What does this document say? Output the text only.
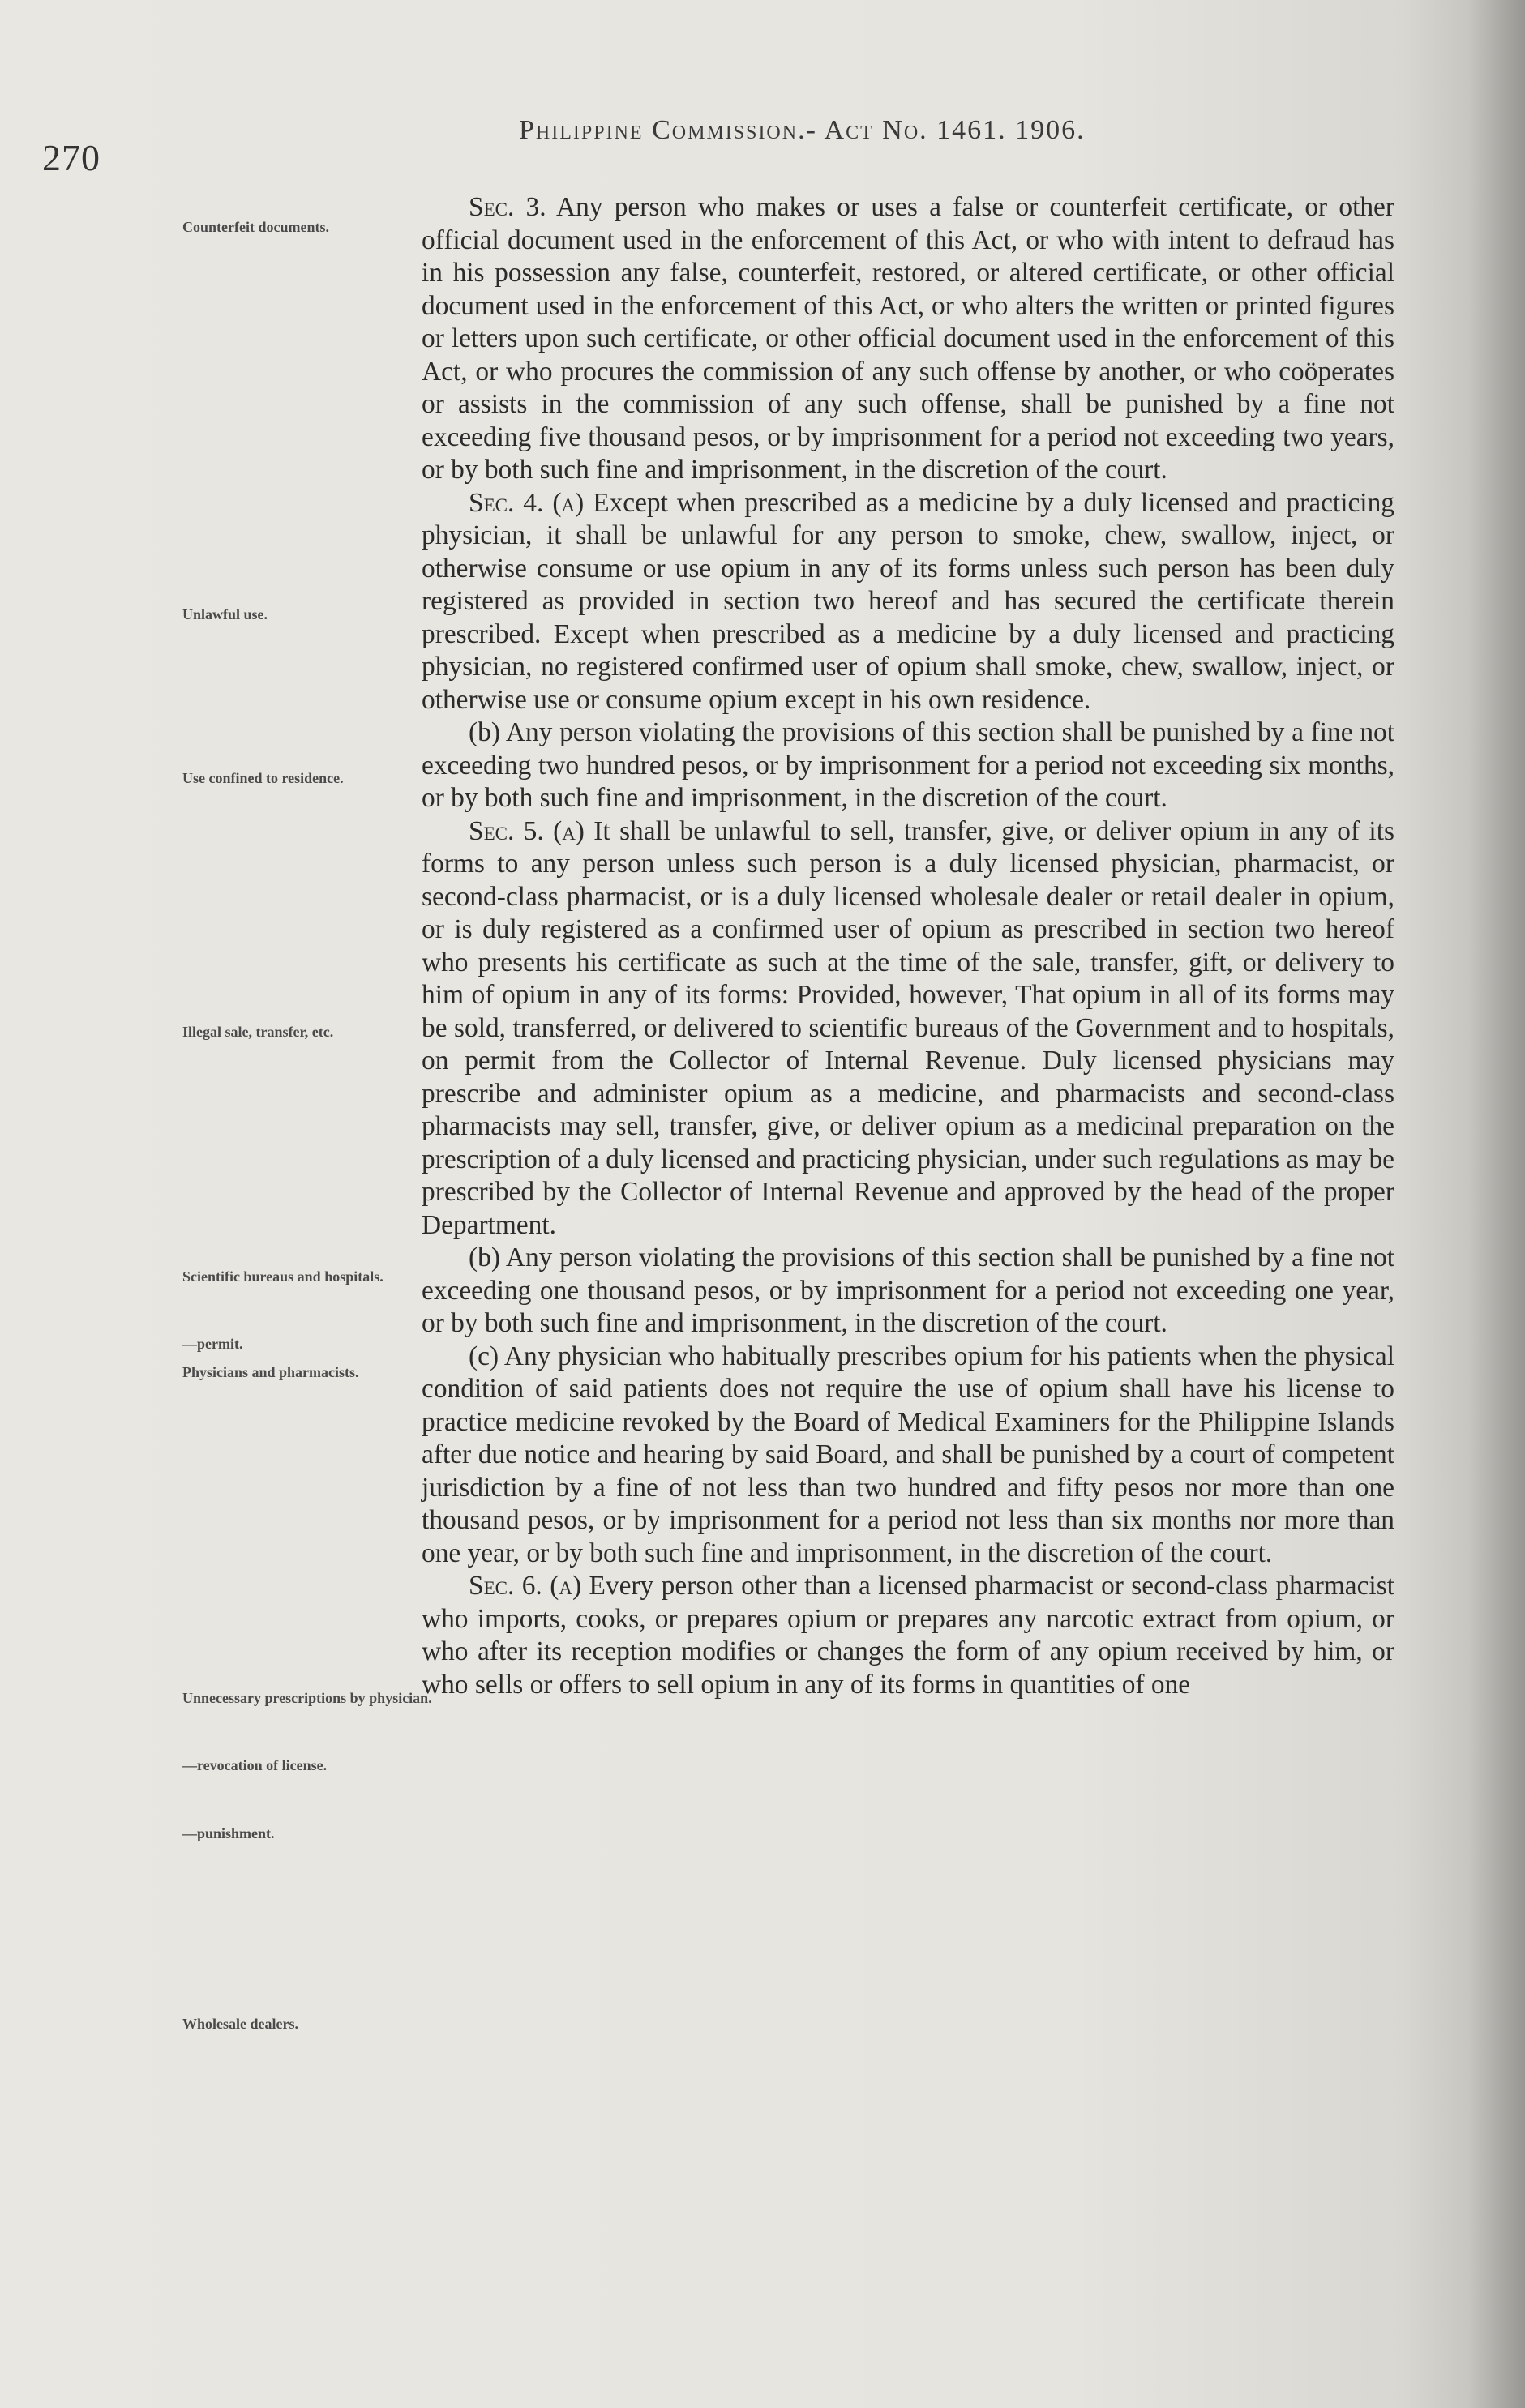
270
Philippine Commission.- Act No. 1461. 1906.
Counterfeit documents.
Unlawful use.
Use confined to residence.
Illegal sale, transfer, etc.
Scientific bureaus and hospitals.
—permit.
Physicians and pharmacists.
Unnecessary prescriptions by physician.
—revocation of license.
—punishment.
Wholesale dealers.

Sec. 3. Any person who makes or uses a false or counterfeit certificate, or other official document used in the enforcement of this Act, or who with intent to defraud has in his possession any false, counterfeit, restored, or altered certificate, or other official document used in the enforcement of this Act, or who alters the written or printed figures or letters upon such certificate, or other official document used in the enforcement of this Act, or who procures the commission of any such offense by another, or who coöperates or assists in the commission of any such offense, shall be punished by a fine not exceeding five thousand pesos, or by imprisonment for a period not exceeding two years, or by both such fine and imprisonment, in the discretion of the court.

Sec. 4. (a) Except when prescribed as a medicine by a duly licensed and practicing physician, it shall be unlawful for any person to smoke, chew, swallow, inject, or otherwise consume or use opium in any of its forms unless such person has been duly registered as provided in section two hereof and has secured the certificate therein prescribed. Except when prescribed as a medicine by a duly licensed and practicing physician, no registered confirmed user of opium shall smoke, chew, swallow, inject, or otherwise use or consume opium except in his own residence.

(b) Any person violating the provisions of this section shall be punished by a fine not exceeding two hundred pesos, or by imprisonment for a period not exceeding six months, or by both such fine and imprisonment, in the discretion of the court.

Sec. 5. (a) It shall be unlawful to sell, transfer, give, or deliver opium in any of its forms to any person unless such person is a duly licensed physician, pharmacist, or second-class pharmacist, or is a duly licensed wholesale dealer or retail dealer in opium, or is duly registered as a confirmed user of opium as prescribed in section two hereof who presents his certificate as such at the time of the sale, transfer, gift, or delivery to him of opium in any of its forms: Provided, however, That opium in all of its forms may be sold, transferred, or delivered to scientific bureaus of the Government and to hospitals, on permit from the Collector of Internal Revenue. Duly licensed physicians may prescribe and administer opium as a medicine, and pharmacists and second-class pharmacists may sell, transfer, give, or deliver opium as a medicinal preparation on the prescription of a duly licensed and practicing physician, under such regulations as may be prescribed by the Collector of Internal Revenue and approved by the head of the proper Department.

(b) Any person violating the provisions of this section shall be punished by a fine not exceeding one thousand pesos, or by imprisonment for a period not exceeding one year, or by both such fine and imprisonment, in the discretion of the court.

(c) Any physician who habitually prescribes opium for his patients when the physical condition of said patients does not require the use of opium shall have his license to practice medicine revoked by the Board of Medical Examiners for the Philippine Islands after due notice and hearing by said Board, and shall be punished by a court of competent jurisdiction by a fine of not less than two hundred and fifty pesos nor more than one thousand pesos, or by imprisonment for a period not less than six months nor more than one year, or by both such fine and imprisonment, in the discretion of the court.

Sec. 6. (a) Every person other than a licensed pharmacist or second-class pharmacist who imports, cooks, or prepares opium or prepares any narcotic extract from opium, or who after its reception modifies or changes the form of any opium received by him, or who sells or offers to sell opium in any of its forms in quantities of one
